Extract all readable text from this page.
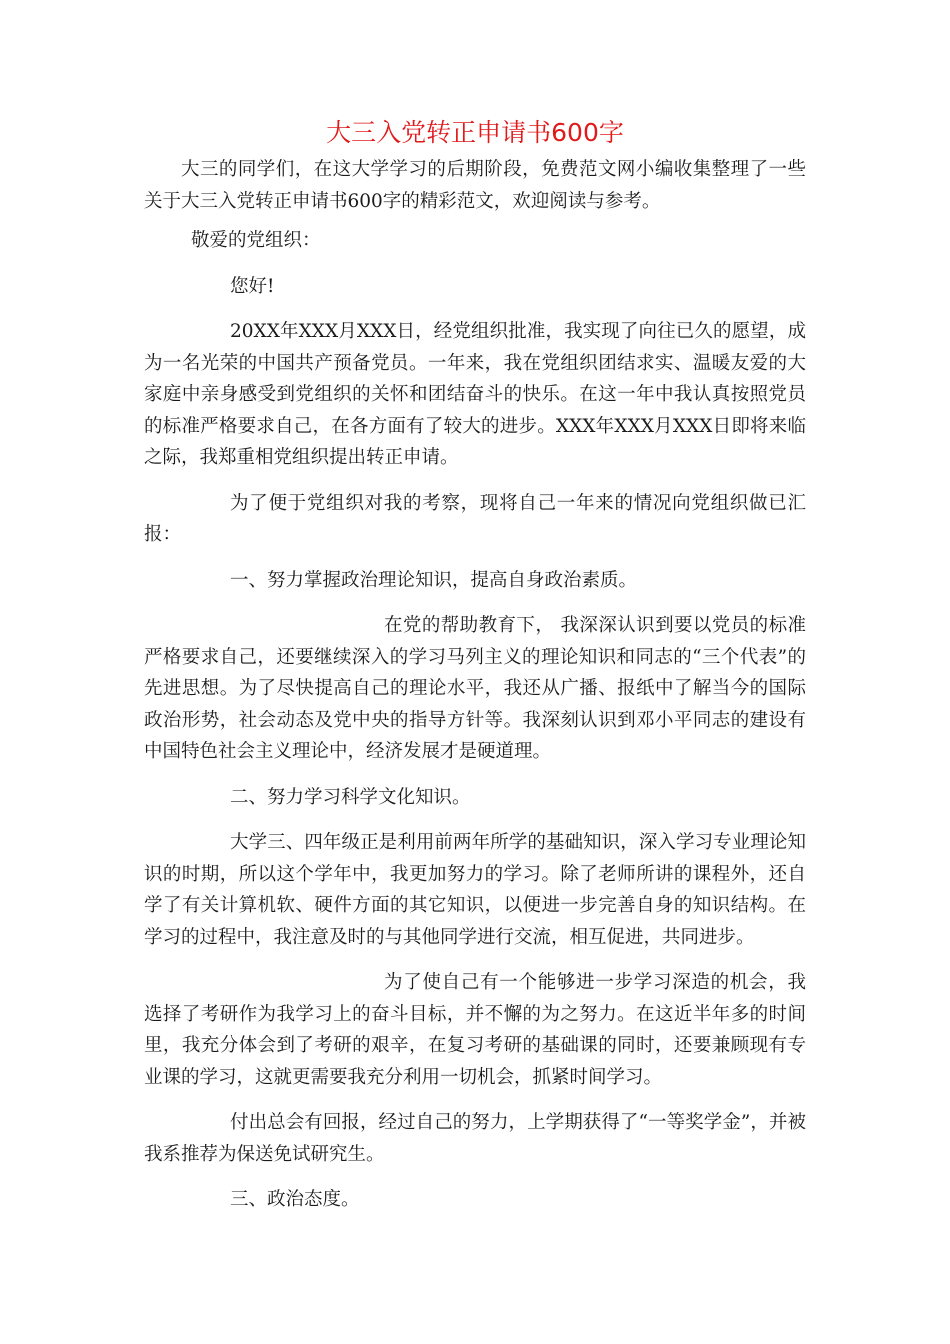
大三入党转正申请书600字

大三的同学们，在这大学学习的后期阶段，免费范文网小编收集整理了一些关于大三入党转正申请书600字的精彩范文，欢迎阅读与参考。

敬爱的党组织：

您好!

20XX年XXX月XXX日，经党组织批准，我实现了向往已久的愿望，成为一名光荣的中国共产预备党员。一年来，我在党组织团结求实、温暖友爱的大家庭中亲身感受到党组织的关怀和团结奋斗的快乐。在这一年中我认真按照党员的标准严格要求自己，在各方面有了较大的进步。XXX年XXX月XXX日即将来临之际，我郑重相党组织提出转正申请。

为了便于党组织对我的考察，现将自己一年来的情况向党组织做已汇报：

一、努力掌握政治理论知识，提高自身政治素质。

在党的帮助教育下， 我深深认识到要以党员的标准严格要求自己，还要继续深入的学习马列主义的理论知识和同志的“三个代表”的先进思想。为了尽快提高自己的理论水平，我还从广播、报纸中了解当今的国际政治形势，社会动态及党中央的指导方针等。我深刻认识到邓小平同志的建设有中国特色社会主义理论中，经济发展才是硬道理。

二、努力学习科学文化知识。

大学三、四年级正是利用前两年所学的基础知识，深入学习专业理论知识的时期，所以这个学年中，我更加努力的学习。除了老师所讲的课程外，还自学了有关计算机软、硬件方面的其它知识，以便进一步完善自身的知识结构。在学习的过程中，我注意及时的与其他同学进行交流，相互促进，共同进步。

为了使自己有一个能够进一步学习深造的机会，我选择了考研作为我学习上的奋斗目标，并不懈的为之努力。在这近半年多的时间里，我充分体会到了考研的艰辛，在复习考研的基础课的同时，还要兼顾现有专业课的学习，这就更需要我充分利用一切机会，抓紧时间学习。

付出总会有回报，经过自己的努力，上学期获得了“一等奖学金”，并被我系推荐为保送免试研究生。

三、政治态度。
